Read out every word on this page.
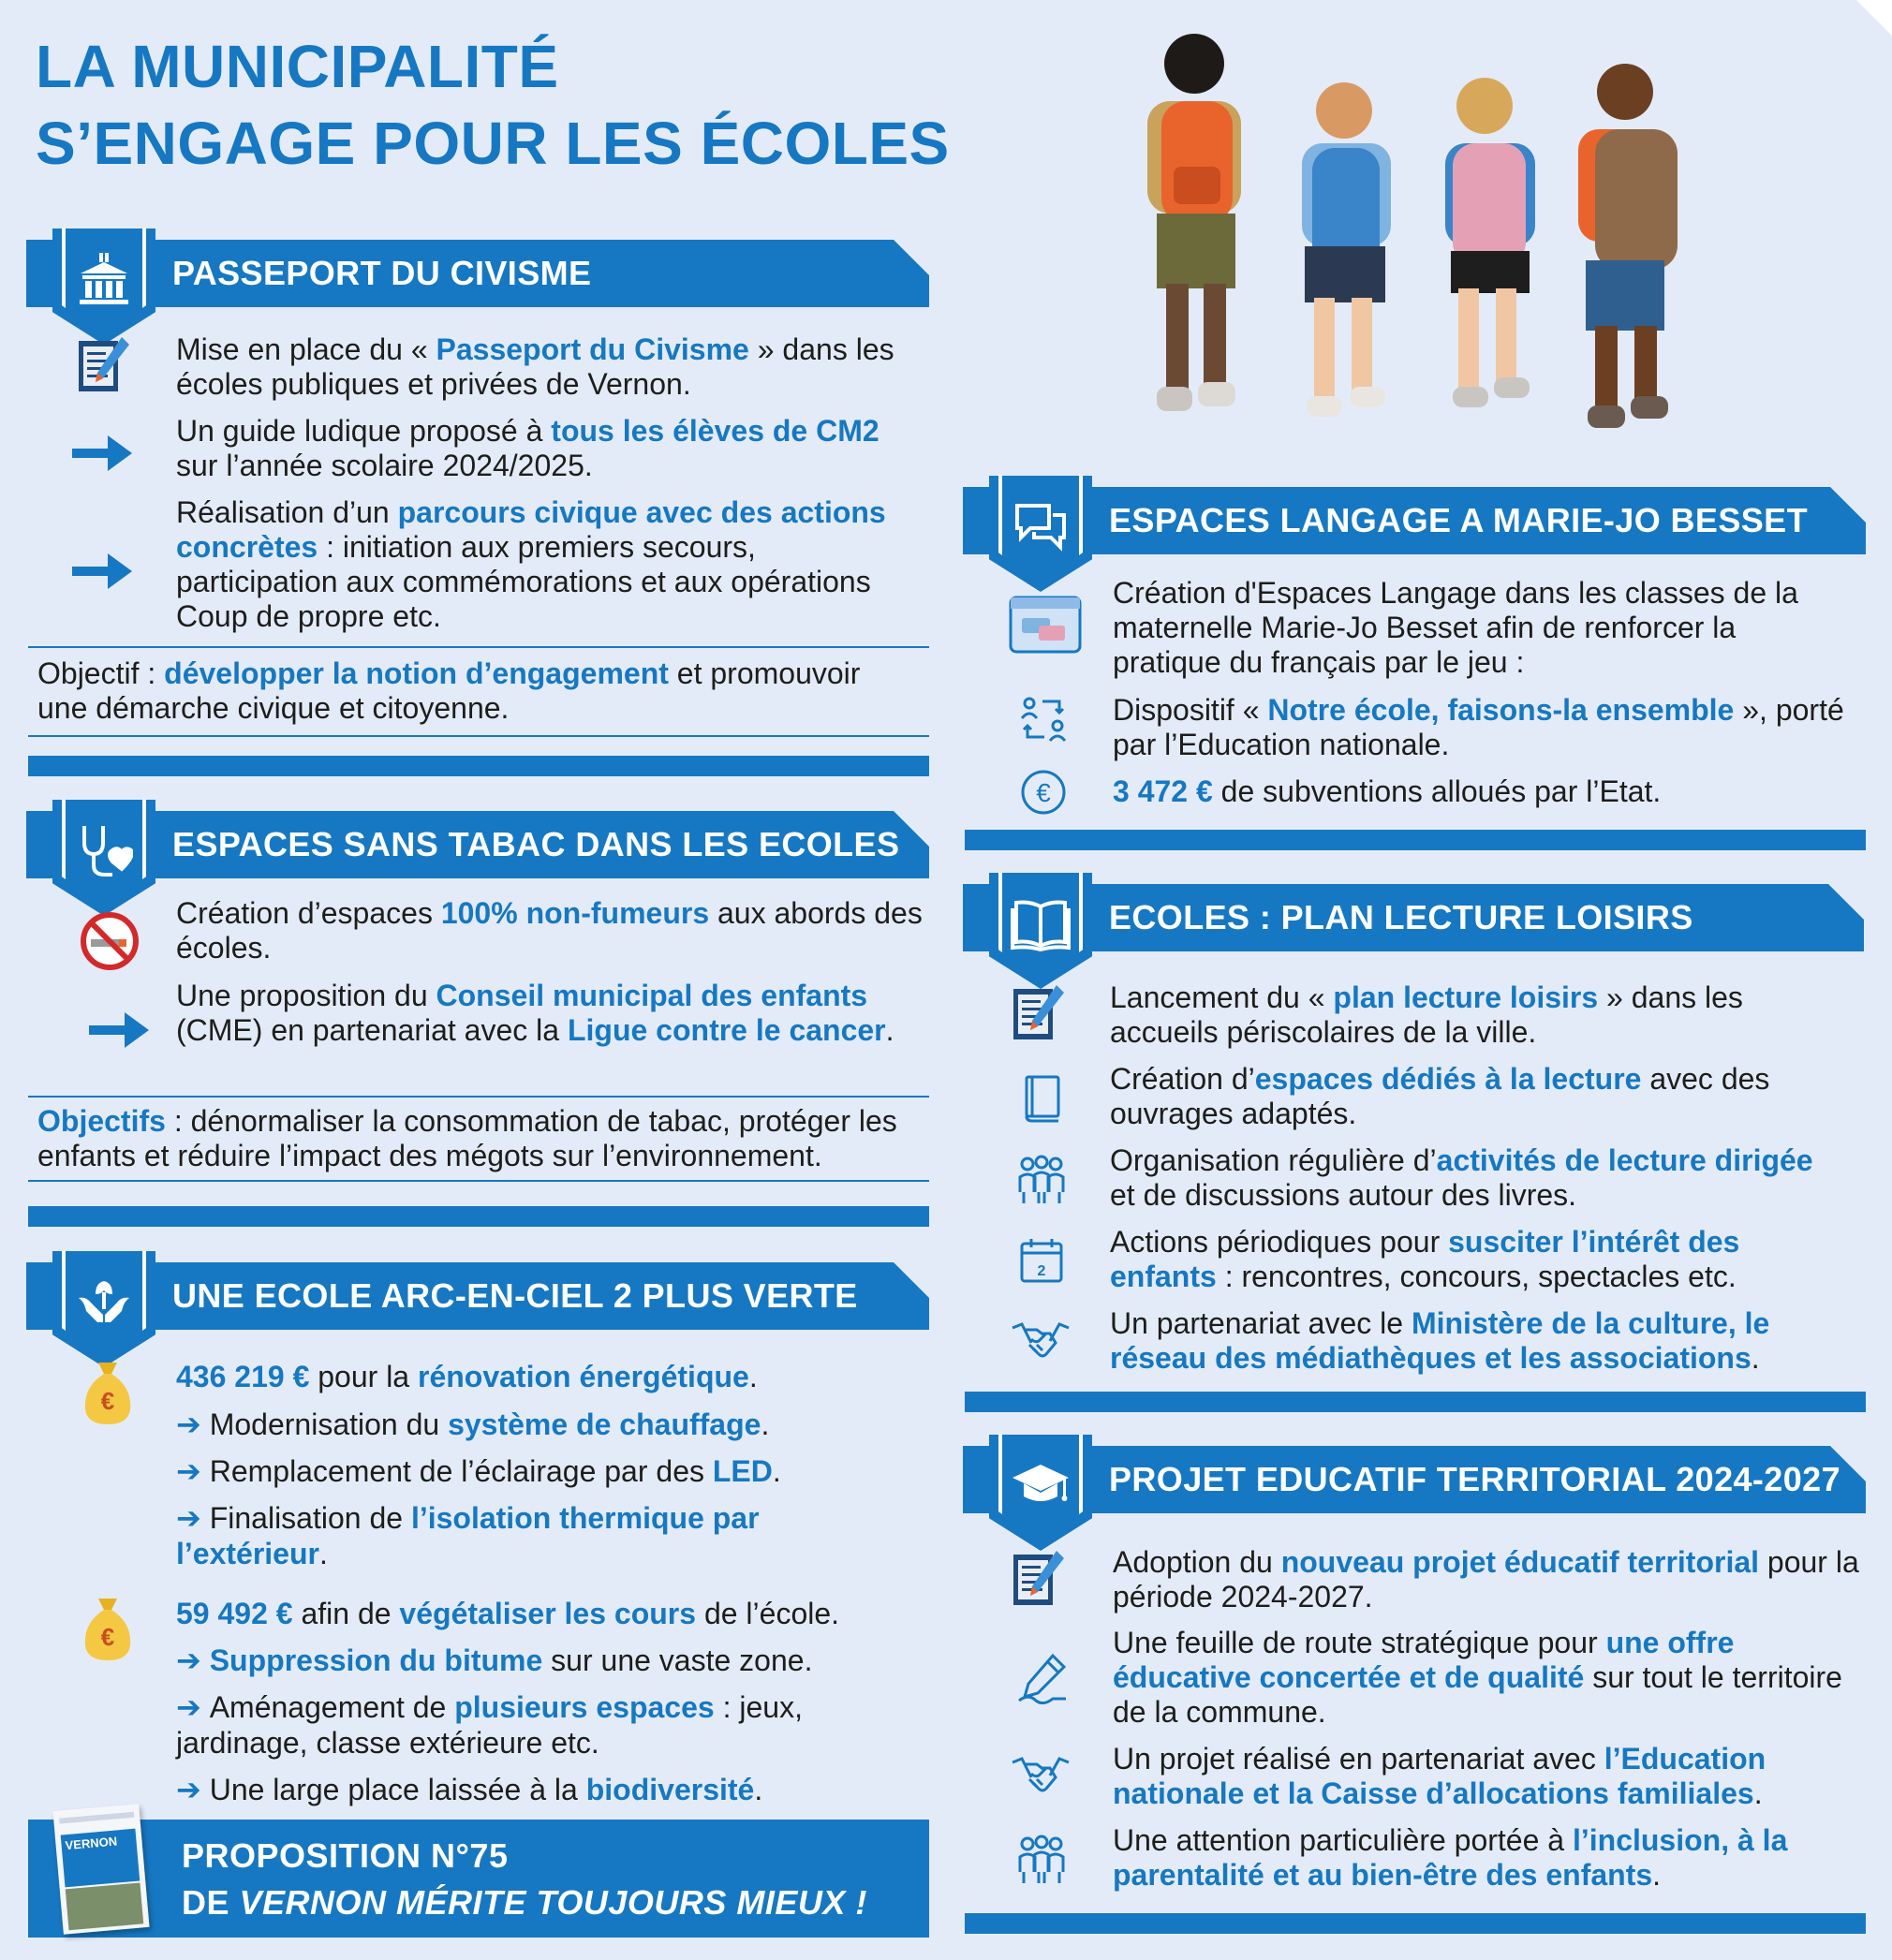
LA MUNICIPALITÉ
S’ENGAGE POUR LES ÉCOLES
PASSEPORT DU CIVISME
Mise en place du « Passeport du Civisme » dans les écoles publiques et privées de Vernon.
Un guide ludique proposé à tous les élèves de CM2 sur l’année scolaire 2024/2025.
Réalisation d’un parcours civique avec des actions concrètes : initiation aux premiers secours, participation aux commémorations et aux opérations Coup de propre etc.
Objectif : développer la notion d’engagement et promouvoir une démarche civique et citoyenne.
ESPACES SANS TABAC DANS LES ECOLES
Création d’espaces 100% non-fumeurs aux abords des écoles.
Une proposition du Conseil municipal des enfants (CME) en partenariat avec la Ligue contre le cancer.
Objectifs : dénormaliser la consommation de tabac, protéger les enfants et réduire l’impact des mégots sur l’environnement.
UNE ECOLE ARC-EN-CIEL 2 PLUS VERTE
€
436 219 € pour la rénovation énergétique.
➔ Modernisation du système de chauffage.
➔ Remplacement de l’éclairage par des LED.
➔ Finalisation de l’isolation thermique par l’extérieur.
€
59 492 € afin de végétaliser les cours de l’école.
➔ Suppression du bitume sur une vaste zone.
➔ Aménagement de plusieurs espaces : jeux, jardinage, classe extérieure etc.
➔ Une large place laissée à la biodiversité.
PROPOSITION N°75
DE VERNON MÉRITE TOUJOURS MIEUX !
VERNON
ESPACES LANGAGE A MARIE-JO BESSET
Création d'Espaces Langage dans les classes de la maternelle Marie-Jo Besset afin de renforcer la pratique du français par le jeu :
Dispositif « Notre école, faisons-la ensemble », porté par l’Education nationale.
€ 3 472 € de subventions alloués par l’Etat.
ECOLES : PLAN LECTURE LOISIRS
Lancement du « plan lecture loisirs » dans les accueils périscolaires de la ville.
Création d’espaces dédiés à la lecture avec des ouvrages adaptés.
Organisation régulière d’activités de lecture dirigée et de discussions autour des livres.
2
Actions périodiques pour susciter l’intérêt des enfants : rencontres, concours, spectacles etc.
Un partenariat avec le Ministère de la culture, le réseau des médiathèques et les associations.
PROJET EDUCATIF TERRITORIAL 2024-2027
Adoption du nouveau projet éducatif territorial pour la période 2024-2027.
Une feuille de route stratégique pour une offre éducative concertée et de qualité sur tout le territoire de la commune.
Un projet réalisé en partenariat avec l’Education nationale et la Caisse d’allocations familiales.
Une attention particulière portée à l’inclusion, à la parentalité et au bien-être des enfants.
